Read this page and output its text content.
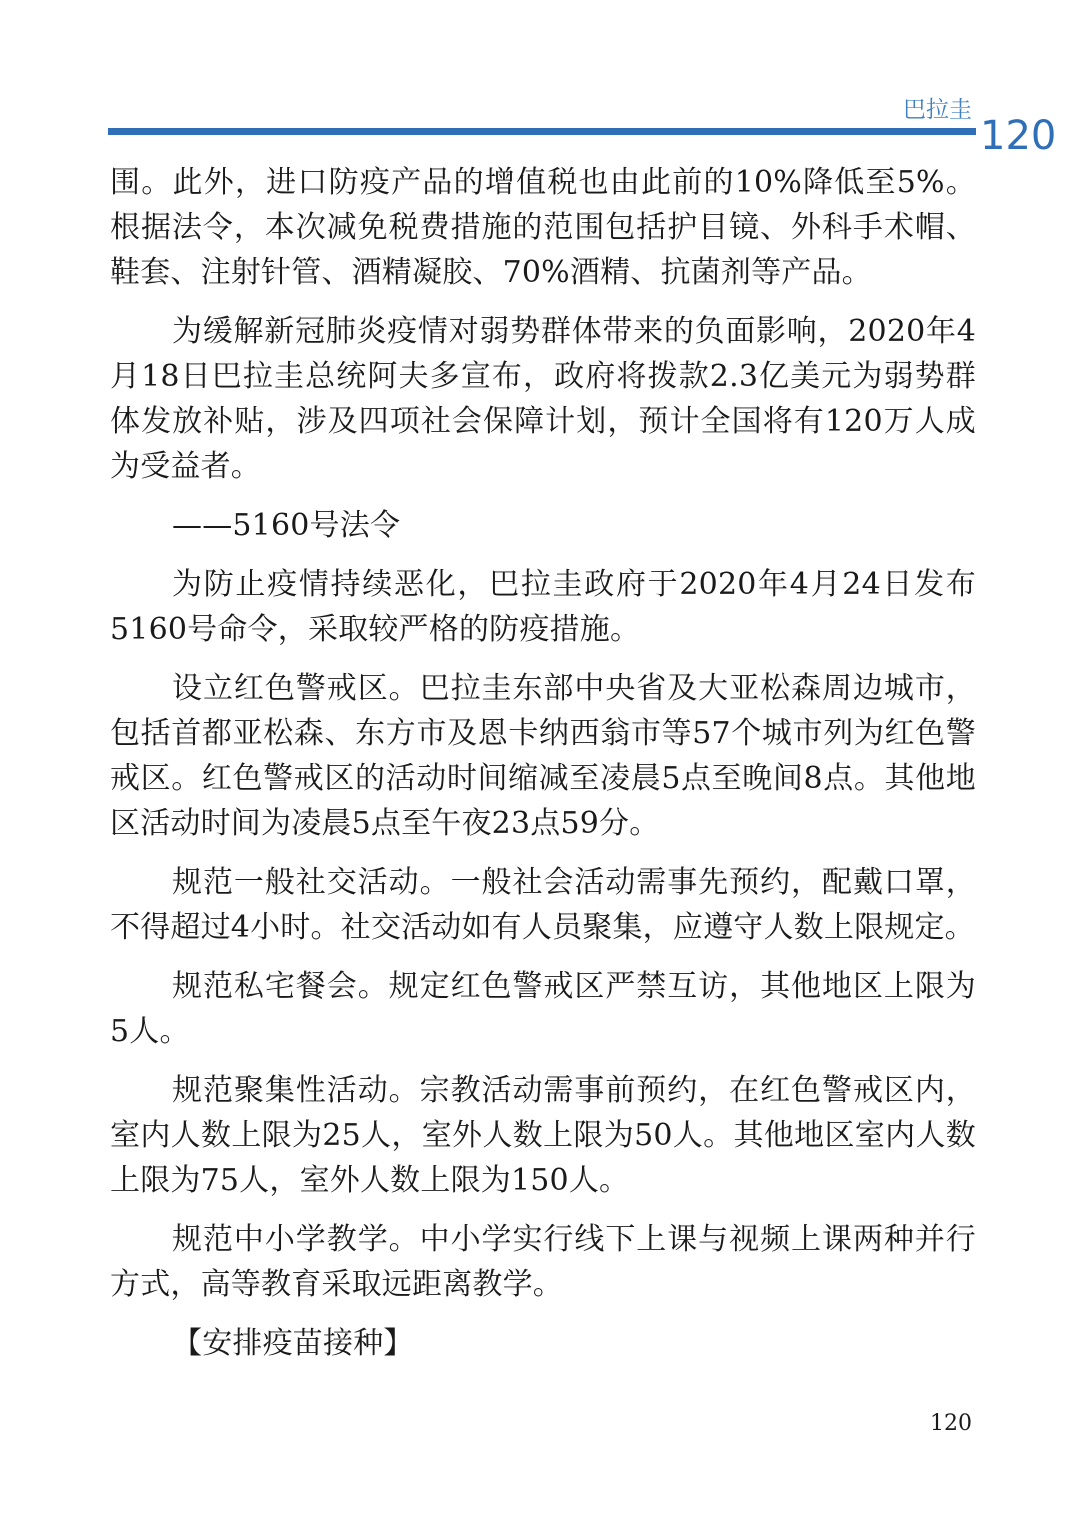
巴拉圭
120

围。此外，进口防疫产品的增值税也由此前的10%降低至5%。根据法令，本次减免税费措施的范围包括护目镜、外科手术帽、鞋套、注射针管、酒精凝胶、70%酒精、抗菌剂等产品。

为缓解新冠肺炎疫情对弱势群体带来的负面影响，2020年4月18日巴拉圭总统阿夫多宣布，政府将拨款2.3亿美元为弱势群体发放补贴，涉及四项社会保障计划，预计全国将有120万人成为受益者。

——5160号法令

为防止疫情持续恶化，巴拉圭政府于2020年4月24日发布5160号命令，采取较严格的防疫措施。

设立红色警戒区。巴拉圭东部中央省及大亚松森周边城市，包括首都亚松森、东方市及恩卡纳西翁市等57个城市列为红色警戒区。红色警戒区的活动时间缩减至凌晨5点至晚间8点。其他地区活动时间为凌晨5点至午夜23点59分。

规范一般社交活动。一般社会活动需事先预约，配戴口罩，不得超过4小时。社交活动如有人员聚集，应遵守人数上限规定。

规范私宅餐会。规定红色警戒区严禁互访，其他地区上限为5人。

规范聚集性活动。宗教活动需事前预约，在红色警戒区内，室内人数上限为25人，室外人数上限为50人。其他地区室内人数上限为75人，室外人数上限为150人。

规范中小学教学。中小学实行线下上课与视频上课两种并行方式，高等教育采取远距离教学。

【安排疫苗接种】

120
